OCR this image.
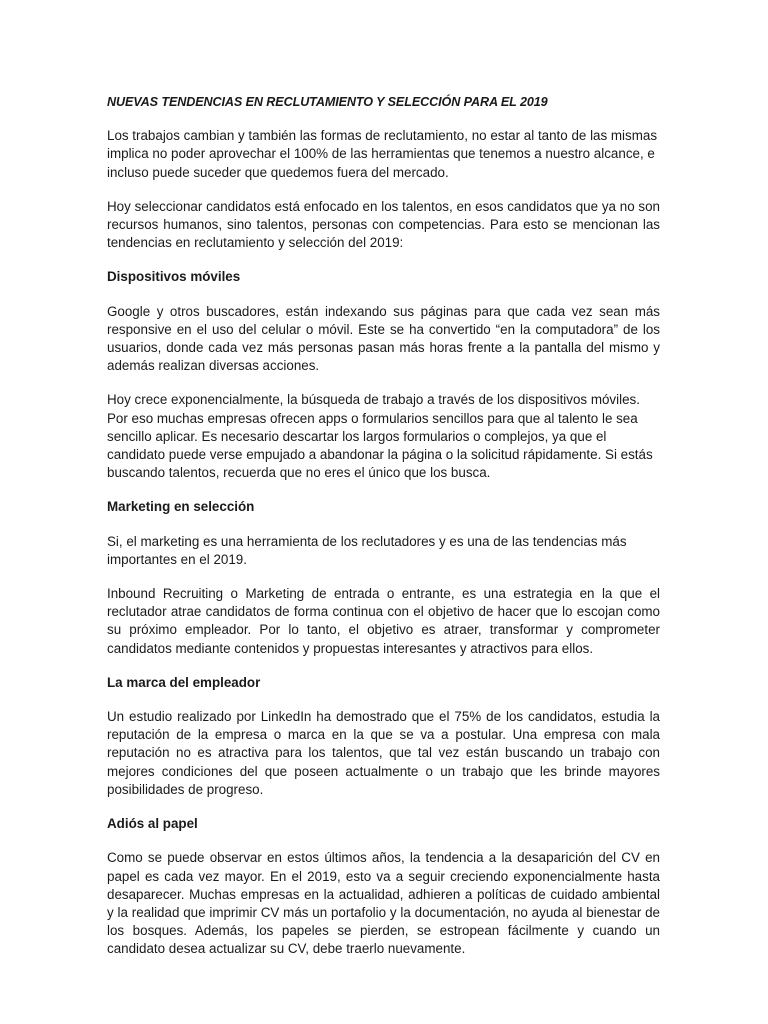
NUEVAS TENDENCIAS EN RECLUTAMIENTO Y SELECCIÓN PARA EL 2019

Los trabajos cambian y también las formas de reclutamiento, no estar al tanto de las mismas implica no poder aprovechar el 100% de las herramientas que tenemos a nuestro alcance, e incluso puede suceder que quedemos fuera del mercado.

Hoy seleccionar candidatos está enfocado en los talentos, en esos candidatos que ya no son recursos humanos, sino talentos, personas con competencias. Para esto se mencionan las tendencias en reclutamiento y selección del 2019:

Dispositivos móviles

Google y otros buscadores, están indexando sus páginas para que cada vez sean más responsive en el uso del celular o móvil. Este se ha convertido “en la computadora” de los usuarios, donde cada vez más personas pasan más horas frente a la pantalla del mismo y además realizan diversas acciones.

Hoy crece exponencialmente, la búsqueda de trabajo a través de los dispositivos móviles. Por eso muchas empresas ofrecen apps o formularios sencillos para que al talento le sea sencillo aplicar. Es necesario descartar los largos formularios o complejos, ya que el candidato puede verse empujado a abandonar la página o la solicitud rápidamente. Si estás buscando talentos, recuerda que no eres el único que los busca.

Marketing en selección

Si, el marketing es una herramienta de los reclutadores y es una de las tendencias más importantes en el 2019.

Inbound Recruiting o Marketing de entrada o entrante, es una estrategia en la que el reclutador atrae candidatos de forma continua con el objetivo de hacer que lo escojan como su próximo empleador. Por lo tanto, el objetivo es atraer, transformar y comprometer candidatos mediante contenidos y propuestas interesantes y atractivos para ellos.

La marca del empleador

Un estudio realizado por LinkedIn ha demostrado que el 75% de los candidatos, estudia la reputación de la empresa o marca en la que se va a postular. Una empresa con mala reputación no es atractiva para los talentos, que tal vez están buscando un trabajo con mejores condiciones del que poseen actualmente o un trabajo que les brinde mayores posibilidades de progreso.

Adiós al papel

Como se puede observar en estos últimos años, la tendencia a la desaparición del CV en papel es cada vez mayor. En el 2019, esto va a seguir creciendo exponencialmente hasta desaparecer. Muchas empresas en la actualidad, adhieren a políticas de cuidado ambiental y la realidad que imprimir CV más un portafolio y la documentación, no ayuda al bienestar de los bosques. Además, los papeles se pierden, se estropean fácilmente y cuando un candidato desea actualizar su CV, debe traerlo nuevamente.
